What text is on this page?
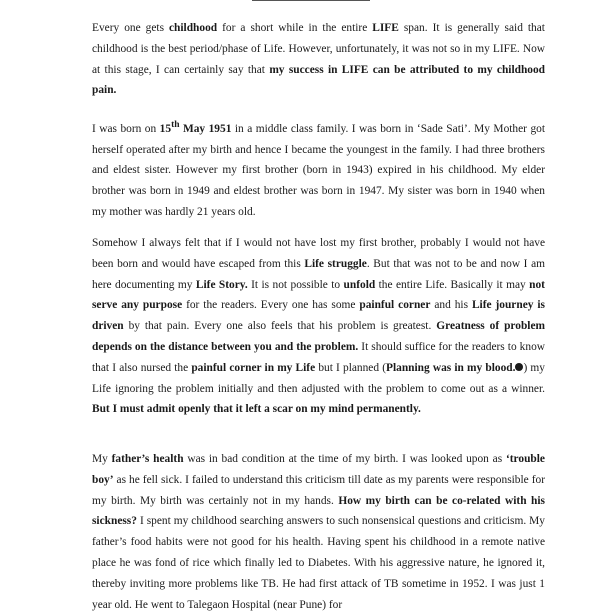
Every one gets childhood for a short while in the entire LIFE span. It is generally said that childhood is the best period/phase of Life. However, unfortunately, it was not so in my LIFE. Now at this stage, I can certainly say that my success in LIFE can be attributed to my childhood pain.

I was born on 15th May 1951 in a middle class family. I was born in ‘Sade Sati’. My Mother got herself operated after my birth and hence I became the youngest in the family. I had three brothers and eldest sister. However my first brother (born in 1943) expired in his childhood. My elder brother was born in 1949 and eldest brother was born in 1947. My sister was born in 1940 when my mother was hardly 21 years old.

Somehow I always felt that if I would not have lost my first brother, probably I would not have been born and would have escaped from this Life struggle. But that was not to be and now I am here documenting my Life Story. It is not possible to unfold the entire Life. Basically it may not serve any purpose for the readers. Every one has some painful corner and his Life journey is driven by that pain. Every one also feels that his problem is greatest. Greatness of problem depends on the distance between you and the problem. It should suffice for the readers to know that I also nursed the painful corner in my Life but I planned (Planning was in my blood. ) my Life ignoring the problem initially and then adjusted with the problem to come out as a winner. But I must admit openly that it left a scar on my mind permanently.

My father’s health was in bad condition at the time of my birth. I was looked upon as ‘trouble boy’ as he fell sick. I failed to understand this criticism till date as my parents were responsible for my birth. My birth was certainly not in my hands. How my birth can be co-related with his sickness? I spent my childhood searching answers to such nonsensical questions and criticism. My father’s food habits were not good for his health. Having spent his childhood in a remote native place he was fond of rice which finally led to Diabetes. With his aggressive nature, he ignored it, thereby inviting more problems like TB. He had first attack of TB sometime in 1952. I was just 1 year old. He went to Talegaon Hospital (near Pune) for
